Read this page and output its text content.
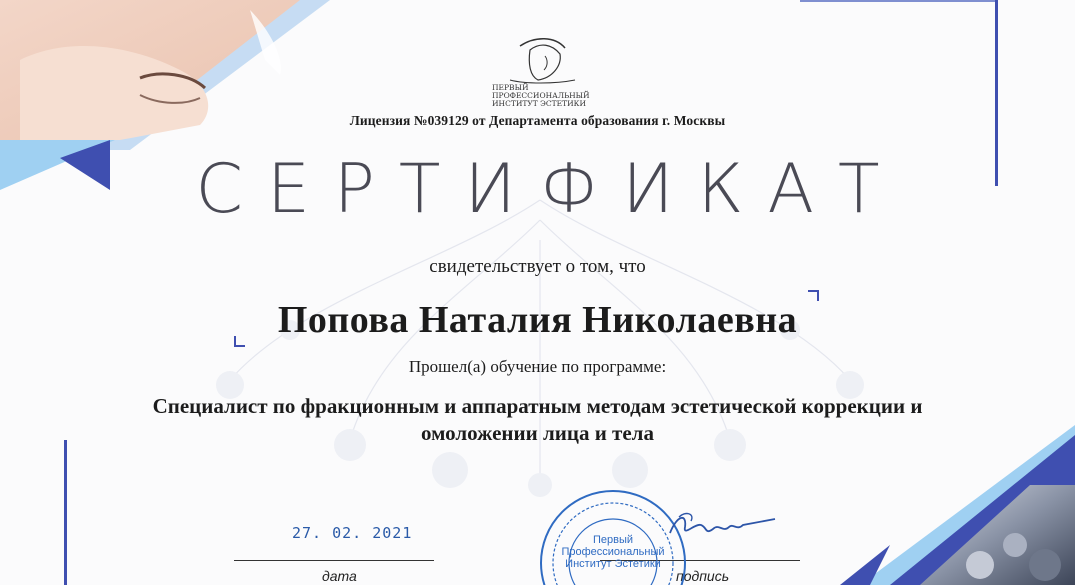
ПЕРВЫЙ
ПРОФЕССИОНАЛЬНЫЙ
ИНСТИТУТ ЭСТЕТИКИ
Лицензия №039129 от Департамента образования г. Москвы
СЕРТИФИКАТ
свидетельствует о том, что
Попова Наталия Николаевна
Прошел(а) обучение по программе:
Специалист по фракционным и аппаратным методам эстетической коррекции и
омоложении лица и тела
27. 02. 2021
дата	подпись
Первый
Профессиональный
Институт Эстетики
